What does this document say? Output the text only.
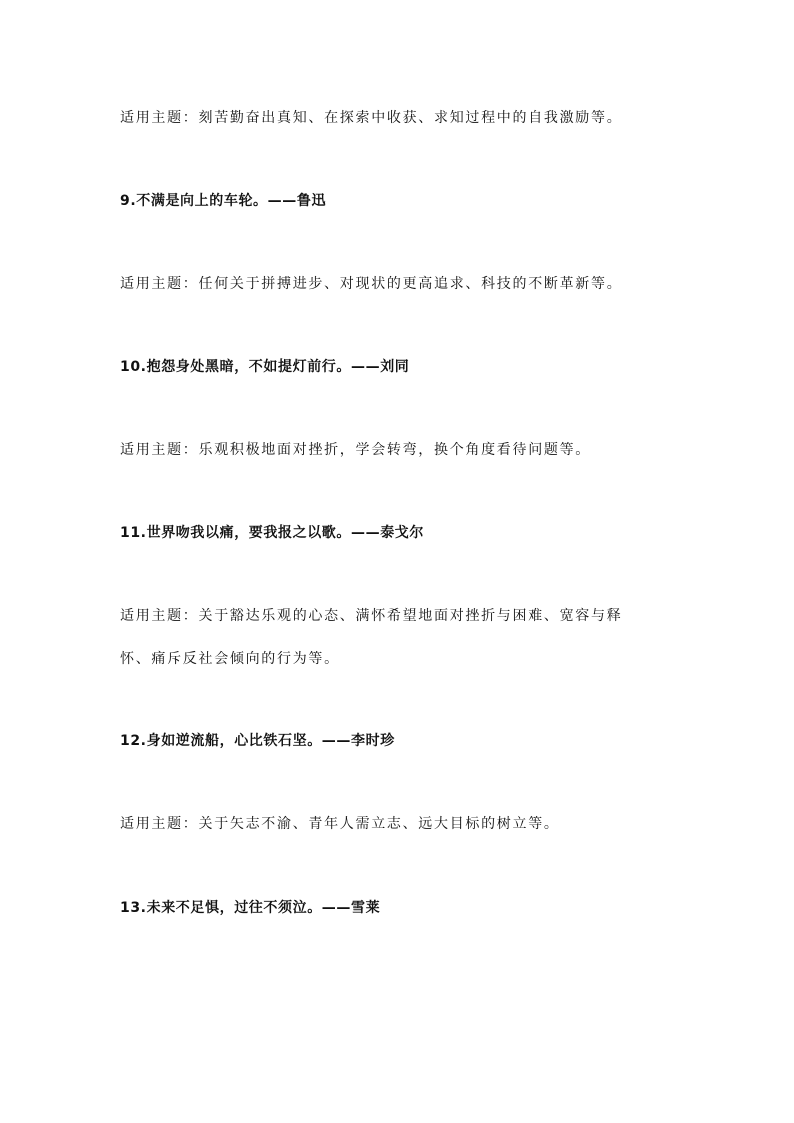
适用主题：刻苦勤奋出真知、在探索中收获、求知过程中的自我激励等。
9.不满是向上的车轮。——鲁迅
适用主题：任何关于拼搏进步、对现状的更高追求、科技的不断革新等。
10.抱怨身处黑暗，不如提灯前行。——刘同
适用主题：乐观积极地面对挫折，学会转弯，换个角度看待问题等。
11.世界吻我以痛，要我报之以歌。——泰戈尔
适用主题：关于豁达乐观的心态、满怀希望地面对挫折与困难、宽容与释
怀、痛斥反社会倾向的行为等。
12.身如逆流船，心比铁石坚。——李时珍
适用主题：关于矢志不渝、青年人需立志、远大目标的树立等。
13.未来不足惧，过往不须泣。——雪莱
